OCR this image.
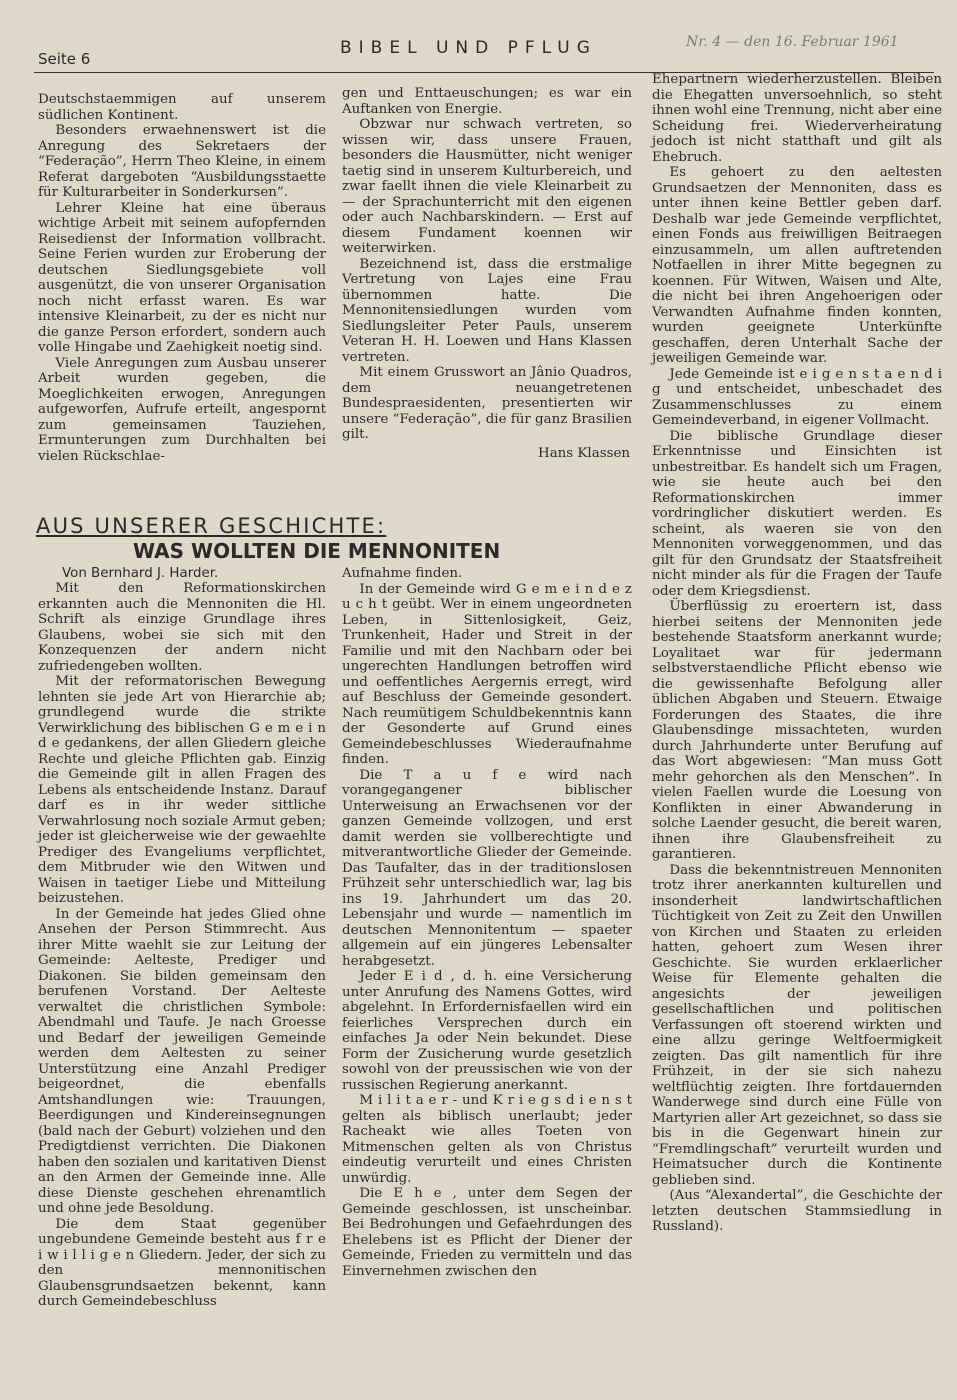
Seite 6
BIBEL UND PFLUG	Nr. 4 — den 16. Februar 1961

Deutschstaemmigen auf unserem südlichen Kontinent.

Besonders erwaehnenswert ist die Anregung des Sekretaers der “Federação”, Herrn Theo Kleine, in einem Referat dargeboten “Ausbildungsstaette für Kulturarbeiter in Sonderkursen”.

Lehrer Kleine hat eine überaus wichtige Arbeit mit seinem aufopfernden Reisedienst der Information vollbracht. Seine Ferien wurden zur Eroberung der deutschen Siedlungsgebiete voll ausgenützt, die von unserer Organisation noch nicht erfasst waren. Es war intensive Kleinarbeit, zu der es nicht nur die ganze Person erfordert, sondern auch volle Hingabe und Zaehigkeit noetig sind.

Viele Anregungen zum Ausbau unserer Arbeit wurden gegeben, die Moeglichkeiten erwogen, Anregungen aufgeworfen, Aufrufe erteilt, angespornt zum gemeinsamen Tauziehen, Ermunterungen zum Durchhalten bei vielen Rückschlae-

gen und Enttaeuschungen; es war ein Auftanken von Energie.

Obzwar nur schwach vertreten, so wissen wir, dass unsere Frauen, besonders die Hausmütter, nicht weniger taetig sind in unserem Kulturbereich, und zwar faellt ihnen die viele Kleinarbeit zu — der Sprachunterricht mit den eigenen oder auch Nachbarskindern. — Erst auf diesem Fundament koennen wir weiterwirken.

Bezeichnend ist, dass die erstmalige Vertretung von Lajes eine Frau übernommen hatte. Die Mennonitensiedlungen wurden vom Siedlungsleiter Peter Pauls, unserem Veteran H. H. Loewen und Hans Klassen vertreten.

Mit einem Grusswort an Jânio Quadros, dem neuangetretenen Bundespraesidenten, presentierten wir unsere “Federação”, die für ganz Brasilien gilt.

Hans Klassen
AUS UNSERER GESCHICHTE:
WAS WOLLTEN DIE MENNONITEN
Von Bernhard J. Harder.

Mit den Reformationskirchen erkannten auch die Mennoniten die Hl. Schrift als einzige Grundlage ihres Glaubens, wobei sie sich mit den Konzequenzen der andern nicht zufriedengeben wollten.

Mit der reformatorischen Bewegung lehnten sie jede Art von Hierarchie ab; grundlegend wurde die strikte Verwirklichung des biblischen G e m e i n d e gedankens, der allen Gliedern gleiche Rechte und gleiche Pflichten gab. Einzig die Gemeinde gilt in allen Fragen des Lebens als entscheidende Instanz. Darauf darf es in ihr weder sittliche Verwahrlosung noch soziale Armut geben; jeder ist gleicherweise wie der gewaehlte Prediger des Evangeliums verpflichtet, dem Mitbruder wie den Witwen und Waisen in taetiger Liebe und Mitteilung beizustehen.

In der Gemeinde hat jedes Glied ohne Ansehen der Person Stimmrecht. Aus ihrer Mitte waehlt sie zur Leitung der Gemeinde: Aelteste, Prediger und Diakonen. Sie bilden gemeinsam den berufenen Vorstand. Der Aelteste verwaltet die christlichen Symbole: Abendmahl und Taufe. Je nach Groesse und Bedarf der jeweiligen Gemeinde werden dem Aeltesten zu seiner Unterstützung eine Anzahl Prediger beigeordnet, die ebenfalls Amtshandlungen wie: Trauungen, Beerdigungen und Kindereinsegnungen (bald nach der Geburt) volziehen und den Predigtdienst verrichten. Die Diakonen haben den sozialen und karitativen Dienst an den Armen der Gemeinde inne. Alle diese Dienste geschehen ehrenamtlich und ohne jede Besoldung.

Die dem Staat gegenüber ungebundene Gemeinde besteht aus f r e i w i l l i g e n Gliedern. Jeder, der sich zu den mennonitischen Glaubensgrundsaetzen bekennt, kann durch Gemeindebeschluss

Aufnahme finden.

In der Gemeinde wird G e m e i n d e z u c h t geübt. Wer in einem ungeordneten Leben, in Sittenlosigkeit, Geiz, Trunkenheit, Hader und Streit in der Familie und mit den Nachbarn oder bei ungerechten Handlungen betroffen wird und oeffentliches Aergernis erregt, wird auf Beschluss der Gemeinde gesondert. Nach reumütigem Schuldbekenntnis kann der Gesonderte auf Grund eines Gemeindebeschlusses Wiederaufnahme finden.

Die T a u f e wird nach vorangegangener biblischer Unterweisung an Erwachsenen vor der ganzen Gemeinde vollzogen, und erst damit werden sie vollberechtigte und mitverantwortliche Glieder der Gemeinde. Das Taufalter, das in der traditionslosen Frühzeit sehr unterschiedlich war, lag bis ins 19. Jahrhundert um das 20. Lebensjahr und wurde — namentlich im deutschen Mennonitentum — spaeter allgemein auf ein jüngeres Lebensalter herabgesetzt.

Jeder E i d , d. h. eine Versicherung unter Anrufung des Namens Gottes, wird abgelehnt. In Erfordernisfaellen wird ein feierliches Versprechen durch ein einfaches Ja oder Nein bekundet. Diese Form der Zusicherung wurde gesetzlich sowohl von der preussischen wie von der russischen Regierung anerkannt.

M i l i t a e r - und K r i e g s d i e n s t gelten als biblisch unerlaubt; jeder Racheakt wie alles Toeten von Mitmenschen gelten als von Christus eindeutig verurteilt und eines Christen unwürdig.

Die E h e , unter dem Segen der Gemeinde geschlossen, ist unscheinbar. Bei Bedrohungen und Gefaehrdungen des Ehelebens ist es Pflicht der Diener der Gemeinde, Frieden zu vermitteln und das Einvernehmen zwischen den

Ehepartnern wiederherzustellen. Bleiben die Ehegatten unversoehnlich, so steht ihnen wohl eine Trennung, nicht aber eine Scheidung frei. Wiederverheiratung jedoch ist nicht statthaft und gilt als Ehebruch.

Es gehoert zu den aeltesten Grundsaetzen der Mennoniten, dass es unter ihnen keine Bettler geben darf. Deshalb war jede Gemeinde verpflichtet, einen Fonds aus freiwilligen Beitraegen einzusammeln, um allen auftretenden Notfaellen in ihrer Mitte begegnen zu koennen. Für Witwen, Waisen und Alte, die nicht bei ihren Angehoerigen oder Verwandten Aufnahme finden konnten, wurden geeignete Unterkünfte geschaffen, deren Unterhalt Sache der jeweiligen Gemeinde war.

Jede Gemeinde ist e i g e n s t a e n d i g und entscheidet, unbeschadet des Zusammenschlusses zu einem Gemeindeverband, in eigener Vollmacht.

Die biblische Grundlage dieser Erkenntnisse und Einsichten ist unbestreitbar. Es handelt sich um Fragen, wie sie heute auch bei den Reformationskirchen immer vordringlicher diskutiert werden. Es scheint, als waeren sie von den Mennoniten vorweggenommen, und das gilt für den Grundsatz der Staatsfreiheit nicht minder als für die Fragen der Taufe oder dem Kriegsdienst.

Überflüssig zu eroertern ist, dass hierbei seitens der Mennoniten jede bestehende Staatsform anerkannt wurde; Loyalitaet war für jedermann selbstverstaendliche Pflicht ebenso wie die gewissenhafte Befolgung aller üblichen Abgaben und Steuern. Etwaige Forderungen des Staates, die ihre Glaubensdinge missachteten, wurden durch Jahrhunderte unter Berufung auf das Wort abgewiesen: “Man muss Gott mehr gehorchen als den Menschen”. In vielen Faellen wurde die Loesung von Konflikten in einer Abwanderung in solche Laender gesucht, die bereit waren, ihnen ihre Glaubensfreiheit zu garantieren.

Dass die bekenntnistreuen Mennoniten trotz ihrer anerkannten kulturellen und insonderheit landwirtschaftlichen Tüchtigkeit von Zeit zu Zeit den Unwillen von Kirchen und Staaten zu erleiden hatten, gehoert zum Wesen ihrer Geschichte. Sie wurden erklaerlicher Weise für Elemente gehalten die angesichts der jeweiligen gesellschaftlichen und politischen Verfassungen oft stoerend wirkten und eine allzu geringe Weltfoermigkeit zeigten. Das gilt namentlich für ihre Frühzeit, in der sie sich nahezu weltflüchtig zeigten. Ihre fortdauernden Wanderwege sind durch eine Fülle von Martyrien aller Art gezeichnet, so dass sie bis in die Gegenwart hinein zur “Fremdlingschaft” verurteilt wurden und Heimatsucher durch die Kontinente geblieben sind.

(Aus “Alexandertal”, die Geschichte der letzten deutschen Stammsiedlung in Russland).
